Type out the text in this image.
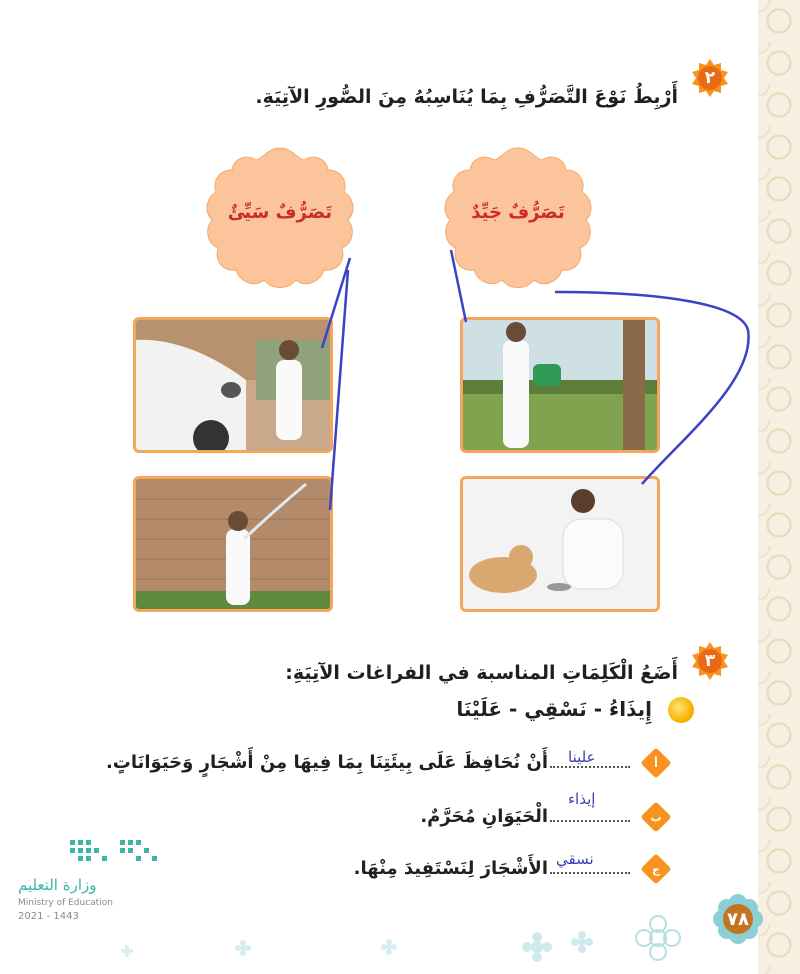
٢
أَرْبِطُ نَوْعَ التَّصَرُّفِ بِمَا يُنَاسِبُهُ مِنَ الصُّورِ الآتِيَةِ.
تَصَرُّفٌ جَيِّدٌ
تَصَرُّفٌ سَيِّئٌ
٣
أَضَعُ الْكَلِمَاتِ المناسبة في الفراغات الآتِيَةِ:
إِيذَاءُ - نَسْقِي - عَلَيْنَا
أ
علينا
أَنْ نُحَافِظَ عَلَى بِيئَتِنَا بِمَا فِيهَا مِنْ أَشْجَارٍ وَحَيَوَانَاتٍ.
ب
إيذاء
الْحَيَوَانِ مُحَرَّمٌ.
ج
نسقي
الأَشْجَارَ لِنَسْتَفِيدَ مِنْهَا.
وزارة التعليم
Ministry of Education
2021 - 1443	٧٨
